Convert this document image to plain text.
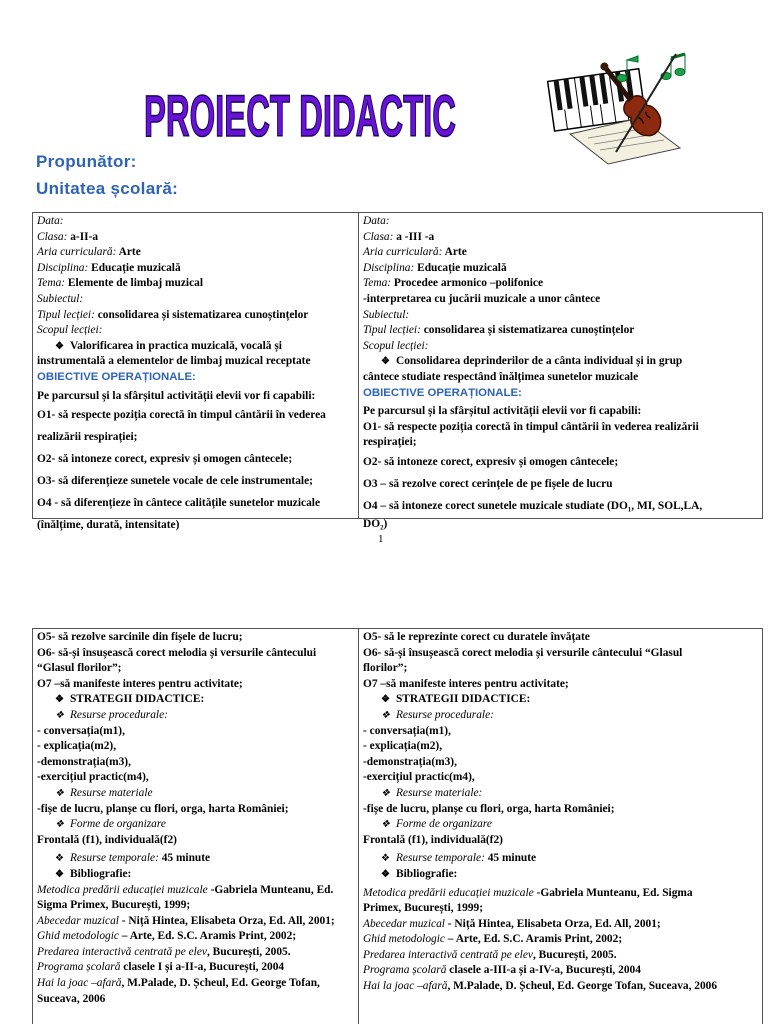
PROIECT DIDACTIC
Propunător:
Unitatea școlară:
Data:
Clasa: a-II-a
Aria curriculară: Arte
Disciplina: Educație muzicală
Tema: Elemente de limbaj muzical
Subiectul:
Tipul lecției: consolidarea și sistematizarea cunoștințelor
Scopul lecției:
❖ Valorificarea in practica muzicală, vocală și
instrumentală a elementelor de limbaj muzical receptate
OBIECTIVE OPERAȚIONALE:
Pe parcursul și la sfârșitul activității elevii vor fi capabili:
O1- să respecte poziția corectă în timpul cântării în vederea
realizării respirației;
O2- să intoneze corect, expresiv și omogen cântecele;
O3- să diferențieze sunetele vocale de cele instrumentale;
O4 - să diferențieze în cântece calitățile sunetelor muzicale
(înălțime, durată, intensitate)
Data:
Clasa: a -III -a
Aria curriculară: Arte
Disciplina: Educație muzicală
Tema: Procedee armonico –polifonice
-interpretarea cu jucării muzicale a unor cântece
Subiectul:
Tipul lecției: consolidarea și sistematizarea cunoștințelor
Scopul lecției:
❖ Consolidarea deprinderilor de a cânta individual și in grup
cântece studiate respectând înălțimea sunetelor muzicale
OBIECTIVE OPERAȚIONALE:
Pe parcursul și la sfârșitul activității elevii vor fi capabili:
O1- să respecte poziția corectă în timpul cântării în vederea realizării
respirației;
O2- să intoneze corect, expresiv și omogen cântecele;
O3 – să rezolve corect cerințele de pe fișele de lucru
O4 – să intoneze corect sunetele muzicale studiate (DO₁, MI, SOL,LA,
DO₂)
1
O5- să rezolve sarcinile din fișele de lucru;
O6- să-și însușească corect melodia și versurile cântecului
“Glasul florilor”;
O7 –să manifeste interes pentru activitate;
❖ STRATEGII DIDACTICE:
❖ Resurse procedurale:
- conversația(m1),
- explicația(m2),
-demonstrația(m3),
-exercițiul practic(m4),
❖ Resurse materiale
-fișe de lucru, planșe cu flori, orga, harta României;
❖ Forme de organizare
Frontală (f1), individuală(f2)
❖ Resurse temporale: 45 minute
❖ Bibliografie:
Metodica predării educației muzicale -Gabriela Munteanu, Ed.
Sigma Primex, București, 1999;
Abecedar muzical - Niță Hintea, Elisabeta Orza, Ed. All, 2001;
Ghid metodologic – Arte, Ed. S.C. Aramis Print, 2002;
Predarea interactivă centrată pe elev, București, 2005.
Programa școlară clasele I și a-II-a, București, 2004
Hai la joac –afară, M.Palade, D. Șcheul, Ed. George Tofan,
Suceava, 2006
O5- să le reprezinte corect cu duratele învățate
O6- să-și însușească corect melodia și versurile cântecului “Glasul
florilor”;
O7 –să manifeste interes pentru activitate;
❖ STRATEGII DIDACTICE:
❖ Resurse procedurale:
- conversația(m1),
- explicația(m2),
-demonstrația(m3),
-exercițiul practic(m4),
❖ Resurse materiale:
-fișe de lucru, planșe cu flori, orga, harta României;
❖ Forme de organizare
Frontală (f1), individuală(f2)
❖ Resurse temporale: 45 minute
❖ Bibliografie:
Metodica predării educației muzicale -Gabriela Munteanu, Ed. Sigma
Primex, București, 1999;
Abecedar muzical - Niță Hintea, Elisabeta Orza, Ed. All, 2001;
Ghid metodologic – Arte, Ed. S.C. Aramis Print, 2002;
Predarea interactivă centrată pe elev, București, 2005.
Programa școlară clasele a-III-a și a-IV-a, București, 2004
Hai la joac –afară, M.Palade, D. Șcheul, Ed. George Tofan, Suceava, 2006
